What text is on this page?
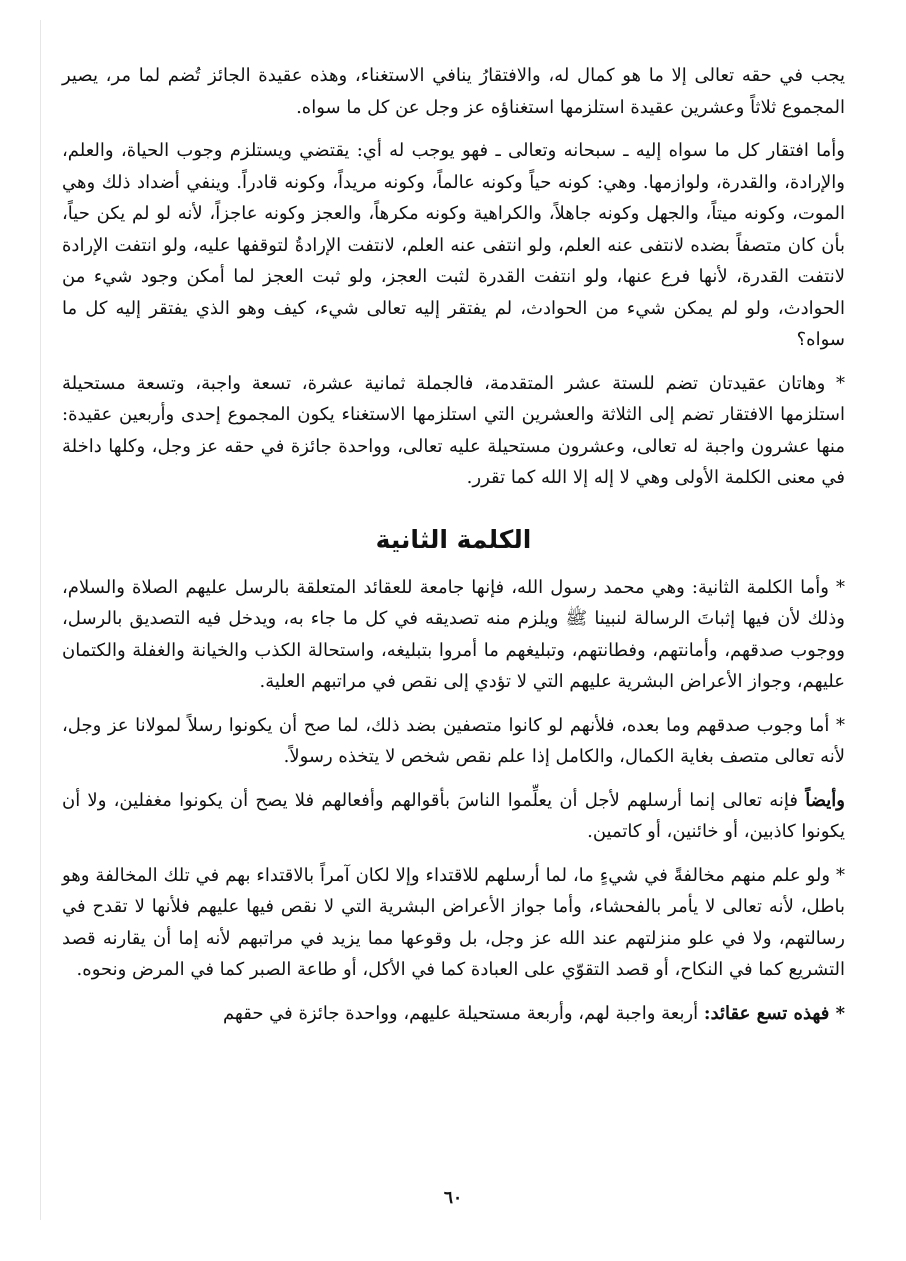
يجب في حقه تعالى إلا ما هو كمال له، والافتقارُ ينافي الاستغناء، وهذه عقيدة الجائز تُضم لما مر، يصير المجموع ثلاثاً وعشرين عقيدة استلزمها استغناؤه عز وجل عن كل ما سواه.

وأما افتقار كل ما سواه إليه ـ سبحانه وتعالى ـ فهو يوجب له أي: يقتضي ويستلزم وجوب الحياة، والعلم، والإرادة، والقدرة، ولوازمها. وهي: كونه حياً وكونه عالماً، وكونه مريداً، وكونه قادراً. وينفي أضداد ذلك وهي الموت، وكونه ميتاً، والجهل وكونه جاهلاً، والكراهية وكونه مكرهاً، والعجز وكونه عاجزاً، لأنه لو لم يكن حياً، بأن كان متصفاً بضده لانتفى عنه العلم، ولو انتفى عنه العلم، لانتفت الإرادةُ لتوقفها عليه، ولو انتفت الإرادة لانتفت القدرة، لأنها فرع عنها، ولو انتفت القدرة لثبت العجز، ولو ثبت العجز لما أمكن وجود شيء من الحوادث، ولو لم يمكن شيء من الحوادث، لم يفتقر إليه تعالى شيء، كيف وهو الذي يفتقر إليه كل ما سواه؟

* وهاتان عقيدتان تضم للستة عشر المتقدمة، فالجملة ثمانية عشرة، تسعة واجبة، وتسعة مستحيلة استلزمها الافتقار تضم إلى الثلاثة والعشرين التي استلزمها الاستغناء يكون المجموع إحدى وأربعين عقيدة: منها عشرون واجبة له تعالى، وعشرون مستحيلة عليه تعالى، وواحدة جائزة في حقه عز وجل، وكلها داخلة في معنى الكلمة الأولى وهي لا إله إلا الله كما تقرر.

الكلمة الثانية

* وأما الكلمة الثانية: وهي محمد رسول الله، فإنها جامعة للعقائد المتعلقة بالرسل عليهم الصلاة والسلام، وذلك لأن فيها إثباتَ الرسالة لنبينا ﷺ ويلزم منه تصديقه في كل ما جاء به، ويدخل فيه التصديق بالرسل، ووجوب صدقهم، وأمانتهم، وفطانتهم، وتبليغهم ما أمروا بتبليغه، واستحالة الكذب والخيانة والغفلة والكتمان عليهم، وجواز الأعراض البشرية عليهم التي لا تؤدي إلى نقص في مراتبهم العلية.

* أما وجوب صدقهم وما بعده، فلأنهم لو كانوا متصفين بضد ذلك، لما صح أن يكونوا رسلاً لمولانا عز وجل، لأنه تعالى متصف بغاية الكمال، والكامل إذا علم نقص شخص لا يتخذه رسولاً.

وأيضاً فإنه تعالى إنما أرسلهم لأجل أن يعلِّموا الناسَ بأقوالهم وأفعالهم فلا يصح أن يكونوا مغفلين، ولا أن يكونوا كاذبين، أو خائنين، أو كاتمين.

* ولو علم منهم مخالفةً في شيءٍ ما، لما أرسلهم للاقتداء وإلا لكان آمراً بالاقتداء بهم في تلك المخالفة وهو باطل، لأنه تعالى لا يأمر بالفحشاء، وأما جواز الأعراض البشرية التي لا نقص فيها عليهم فلأنها لا تقدح في رسالتهم، ولا في علو منزلتهم عند الله عز وجل، بل وقوعها مما يزيد في مراتبهم لأنه إما أن يقارنه قصد التشريع كما في النكاح، أو قصد التقوّي على العبادة كما في الأكل، أو طاعة الصبر كما في المرض ونحوه.

* فهذه تسع عقائد: أربعة واجبة لهم، وأربعة مستحيلة عليهم، وواحدة جائزة في حقهم

٦٠
